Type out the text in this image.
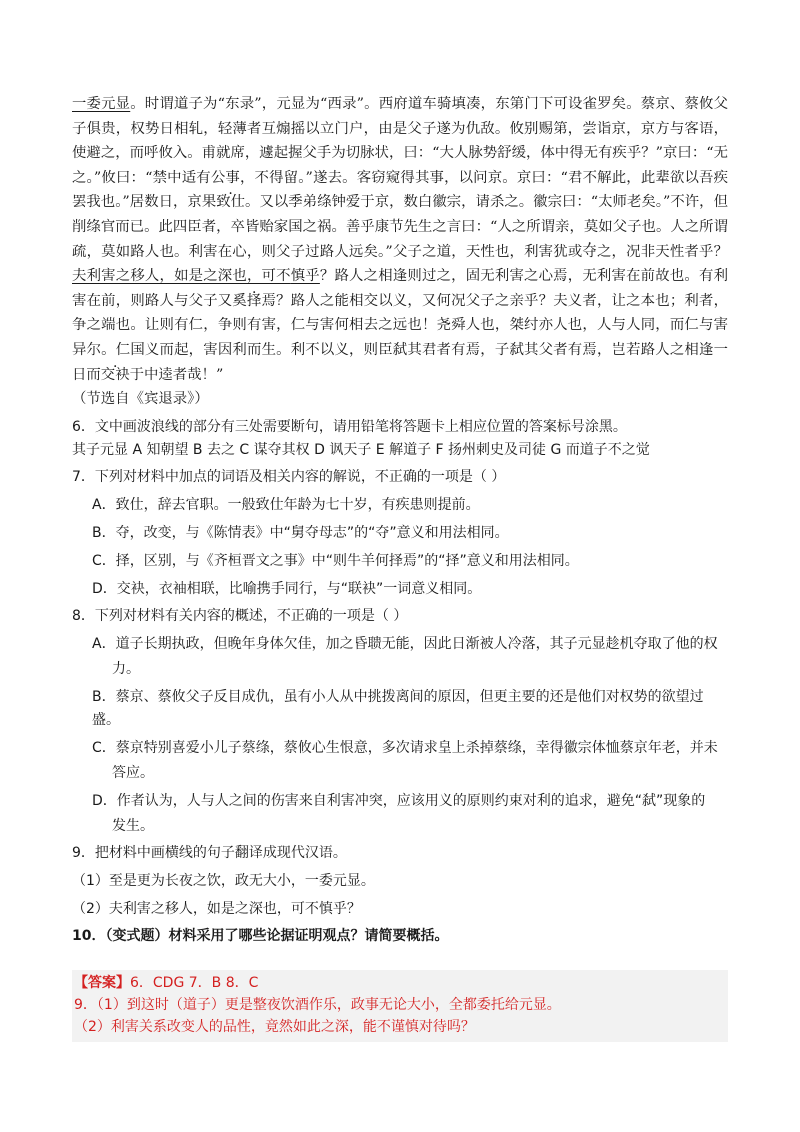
一委元显。时谓道子为“东录”，元显为“西录”。西府道车骑填凑，东第门下可设雀罗矣。蔡京、蔡攸父子俱贵，权势日相轧，轻薄者互煽摇以立门户，由是父子遂为仇敌。攸别赐第，尝诣京，京方与客语，使避之，而呼攸入。甫就席，遽起握父手为切脉状，曰：“大人脉势舒缓，体中得无有疾乎？”京曰：“无之。”攸曰：“禁中适有公事，不得留。”遂去。客窃窥得其事，以问京。京曰：“君不解此，此辈欲以吾疾罢我也。”居数日，京果致仕。又以季弟绦钟爱于京，数白徽宗，请杀之。徽宗曰：“太师老矣。”不许，但削绦官而已。此四臣者，卒皆贻家国之祸。善乎康节先生之言曰：“人之所谓亲，莫如父子也。人之所谓疏，莫如路人也。利害在心，则父子过路人远矣。”父子之道，天性也，利害犹或夺之，况非天性者乎？夫利害之移人，如是之深也，可不慎乎？路人之相逢则过之，固无利害之心焉，无利害在前故也。有利害在前，则路人与父子又奚择焉？路人之能相交以义，又何况父子之亲乎？夫义者，让之本也；利者，争之端也。让则有仁，争则有害，仁与害何相去之远也！尧舜人也，桀纣亦人也，人与人同，而仁与害异尔。仁国义而起，害因利而生。利不以义，则臣弑其君者有焉，子弑其父者有焉，岂若路人之相逢一日而交袂于中逵者哉！”

（节选自《宾退录》）

6．文中画波浪线的部分有三处需要断句，请用铅笔将答题卡上相应位置的答案标号涂黑。

其子元显 A 知朝望 B 去之 C 谋夺其权 D 讽天子 E 解道子 F 扬州刺史及司徒 G 而道子不之觉

7．下列对材料中加点的词语及相关内容的解说，不正确的一项是（ ）

A．致仕，辞去官职。一般致仕年龄为七十岁，有疾患则提前。

B．夺，改变，与《陈情表》中“舅夺母志”的“夺”意义和用法相同。

C．择，区别，与《齐桓晋文之事》中“则牛羊何择焉”的“择”意义和用法相同。

D．交袂，衣袖相联，比喻携手同行，与“联袂”一词意义相同。

8．下列对材料有关内容的概述，不正确的一项是（ ）

A．道子长期执政，但晚年身体欠佳，加之昏聩无能，因此日渐被人冷落，其子元显趁机夺取了他的权
力。

B．蔡京、蔡攸父子反目成仇，虽有小人从中挑拨离间的原因，但更主要的还是他们对权势的欲望过盛。

C．蔡京特别喜爱小儿子蔡绦，蔡攸心生恨意，多次请求皇上杀掉蔡绦，幸得徽宗体恤蔡京年老，并未
答应。

D．作者认为，人与人之间的伤害来自利害冲突，应该用义的原则约束对利的追求，避免“弑”现象的
发生。

9．把材料中画横线的句子翻译成现代汉语。

（1）至是更为长夜之饮，政无大小，一委元显。

（2）夫利害之移人，如是之深也，可不慎乎？

10．（变式题）材料采用了哪些论据证明观点？请简要概括。

【答案】6．CDG 7．B 8．C

9．（1）到这时（道子）更是整夜饮酒作乐，政事无论大小，全都委托给元显。

（2）利害关系改变人的品性，竟然如此之深，能不谨慎对待吗？
